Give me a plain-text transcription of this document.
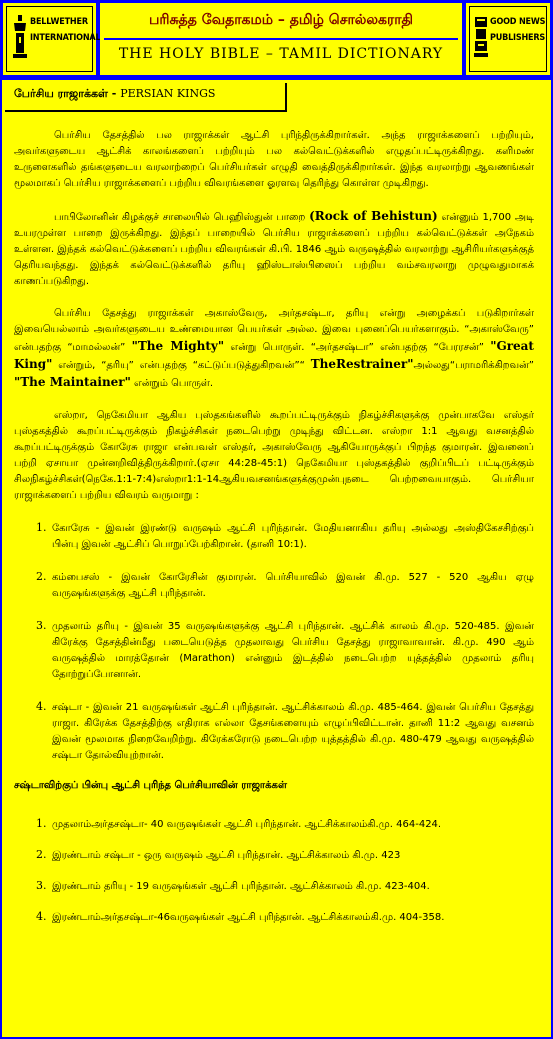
BELLWETHER
INTERNATIONAL
பரிசுத்த வேதாகமம் – தமிழ் சொல்லகராதி
THE HOLY BIBLE – TAMIL DICTIONARY
GOOD NEWS
PUBLISHERS
பேர்சிய ராஜாக்கள் - PERSIAN KINGS

பெர்சிய தேசத்தில் பல ராஜாக்கள் ஆட்சி புரிந்திருக்கிறார்கள். அந்த ராஜாக்களைப் பற்றியும், அவர்களுடைய ஆட்சிக் காலங்களைப் பற்றியும் பல கல்வெட்டுக்களில் எழுதப்பட்டிருக்கிறது. களிமண் உருளைகளில் தங்களுடைய வரலாற்றைப் பெர்சியர்கள் எழுதி வைத்திருக்கிறார்கள். இந்த வரலாற்று ஆவணங்கள் மூலமாகப் பெர்சிய ராஜாக்களைப் பற்றிய விவரங்களை ஓரளவு தெரிந்து கொள்ள முடிகிறது.

பாபிலோனின் கிழக்குச் சாலையில் பெஹிஸ்துன் பாறை (Rock of Behistun) என்னும் 1,700 அடி உயரமுள்ள பாறை இருக்கிறது. இந்தப் பாறையில் பெர்சிய ராஜாக்களைப் பற்றிய கல்வெட்டுக்கள் அநேகம் உள்ளன. இந்தக் கல்வெட்டுக்களைப் பற்றிய விவரங்கள் கி.பி. 1846 ஆம் வருஷத்தில் வரலாற்று ஆசிரியர்களுக்குத் தெரியவந்தது. இந்தக் கல்வெட்டுக்களில் தரியு ஹிஸ்டாஸ்பிஸைப் பற்றிய வம்சவரலாறு முழுவதுமாகக் காணப்படுகிறது.

பெர்சிய தேசத்து ராஜாக்கள் அகாஸ்வேரு, அர்தசஷ்டா, தரியு என்று அழைக்கப் படுகிறார்கள் இவையெல்லாம் அவர்களுடைய உண்மையான பெயர்கள் அல்ல. இவை புனைப்பெயர்களாகும். “அகாஸ்வேரு” என்பதற்கு “மாமல்லன்” "The Mighty" என்று பொருள். “அர்தசஷ்டா” என்பதற்கு “பேரரசன்” "Great King" என்றும், “தரியு” என்பதற்கு “கட்டுப்படுத்துகிறவன்”“ TheRestrainer"அல்லது“பராமரிக்கிறவன்” "The Maintainer" என்றும் பொருள்.

எஸ்றா, நெகேமியா ஆகிய புஸ்தகங்களில் கூறப்பட்டிருக்கும் நிகழ்ச்சிகளுக்கு முன்பாகவே எஸ்தர் புஸ்தகத்தில் கூறப்பட்டிருக்கும் நிகழ்ச்சிகள் நடைபெற்று முடிந்து விட்டன. எஸ்றா 1:1 ஆவது வசனத்தில் கூறப்பட்டிருக்கும் கோரேசு ராஜா என்பவள் எஸ்தர், அகாஸ்வேரு ஆகியோருக்குப் பிறந்த குமாரன். இவனைப் பற்றி ஏசாயா முன்னறிவித்திருக்கிறார்.(ஏசா 44:28-45:1) நெகேமியா புஸ்தகத்தில் குறிப்பிடப் பட்டிருக்கும் சிலநிகழ்ச்சிகள்(நெகே.1:1-7:4)எஸ்றா1:1-14ஆகியவசனங்களுக்குமுன்புநடை பெற்றவையாகும். பெர்சியா ராஜாக்களைப் பற்றிய விவரம் வருமாறு :

1. கோரேசு - இவன் இரண்டு வருஷம் ஆட்சி புரிந்தான். மேதியனாகிய தரியு அல்லது அஸ்திகேசசிற்குப் பின்பு இவன் ஆட்சிப் பொறுப்பேற்கிறான். (தானி 10:1).
2. கம்பைசஸ் - இவன் கோரேசின் குமாரன். பெர்சியாவில் இவன் கி.மு. 527 - 520 ஆகிய ஏழு வருஷங்களுக்கு ஆட்சி புரிந்தான்.
3. முதலாம் தரியு - இவன் 35 வருஷங்களுக்கு ஆட்சி புரிந்தான். ஆட்சிக் காலம் கி.மு. 520-485. இவன் கிரேக்கு தேசத்தின்மீது படையெடுத்த முதலாவது பெர்சிய தேசத்து ராஜாவாவான். கி.மு. 490 ஆம் வருஷத்தில் மாரத்தோன் (Marathon) என்னும் இடத்தில் நடைபெற்ற யுத்தத்தில் முதலாம் தரியு தோற்றுப்போனான்.
4. சஷ்டா - இவன் 21 வருஷங்கள் ஆட்சி புரிந்தான். ஆட்சிக்காலம் கி.மு. 485-464. இவன் பெர்சிய தேசத்து ராஜா. கிரேக்க தேசத்திற்கு எதிராக எல்லா தேசங்களையும் எழுப்பிவிட்டான். தானி 11:2 ஆவது வசனம் இவன் மூலமாக நிறைவேறிற்று. கிரேக்கரோடு நடைபெற்ற யுத்தத்தில் கி.மு. 480-479 ஆவது வருஷத்தில் சஷ்டா தோல்வியுற்றான்.
சஷ்டாவிற்குப் பின்பு ஆட்சி புரிந்த பெர்சியாவின் ராஜாக்கள்
1. முதலாம்அர்தசஷ்டா- 40 வருஷங்கள் ஆட்சி புரிந்தான். ஆட்சிக்காலம்கி.மு. 464-424.
2. இரண்டாம் சஷ்டா - ஒரு வருஷம் ஆட்சி புரிந்தான். ஆட்சிக்காலம் கி.மு. 423
3. இரண்டாம் தரியு - 19 வருஷங்கள் ஆட்சி புரிந்தான். ஆட்சிக்காலம் கி.மு. 423-404.
4. இரண்டாம்அர்தசஷ்டா-46வருஷங்கள் ஆட்சி புரிந்தான். ஆட்சிக்காலம்கி.மு. 404-358.
